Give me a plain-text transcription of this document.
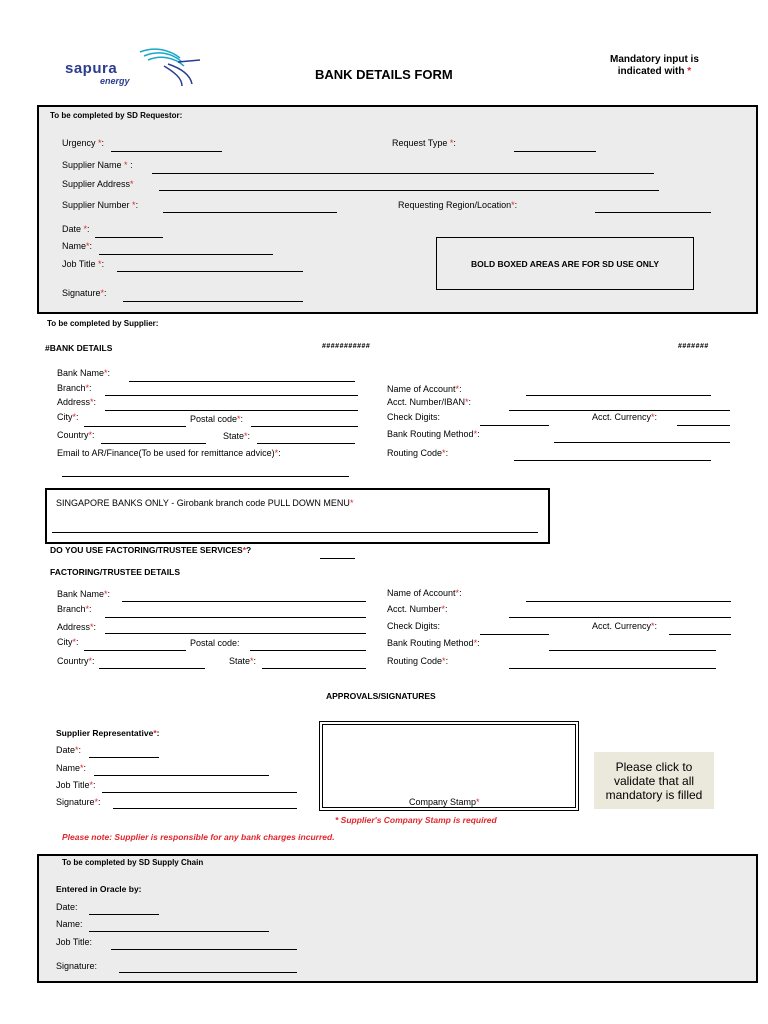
sapura
energy	BANK DETAILS FORM
Mandatory input is
indicated with *
To be completed by SD Requestor:
Urgency *:	Request Type *:
Supplier Name * :
Supplier Address*
Supplier Number *:	Requesting Region/Location*:
Date *:
Name*:
Job Title *:
Signature*:
BOLD BOXED AREAS ARE FOR SD USE ONLY
To be completed by Supplier:
#BANK DETAILS	###########	#######
Bank Name*:
Branch*:
Address*:
City*:	Postal code*:
Country*:	State*:
Email to AR/Finance(To be used for remittance advice)*:
Name of Account*:
Acct. Number/IBAN*:
Check Digits:	Acct. Currency*:
Bank Routing Method*:
Routing Code*:
SINGAPORE BANKS ONLY - Girobank branch code PULL DOWN MENU*
DO YOU USE FACTORING/TRUSTEE SERVICES*?
FACTORING/TRUSTEE DETAILS
Bank Name*:
Branch*:
Address*:
City*:	Postal code:
Country*:	State*:
Name of Account*:
Acct. Number*:
Check Digits:	Acct. Currency*:
Bank Routing Method*:
Routing Code*:
APPROVALS/SIGNATURES
Supplier Representative*:
Date*:
Name*:
Job Title*:
Signature*:	Company Stamp*
* Supplier's Company Stamp is required
Please click to validate that all mandatory is filled
Please note: Supplier is responsible for any bank charges incurred.
To be completed by SD Supply Chain
Entered in Oracle by:
Date:
Name:
Job Title:
Signature:
